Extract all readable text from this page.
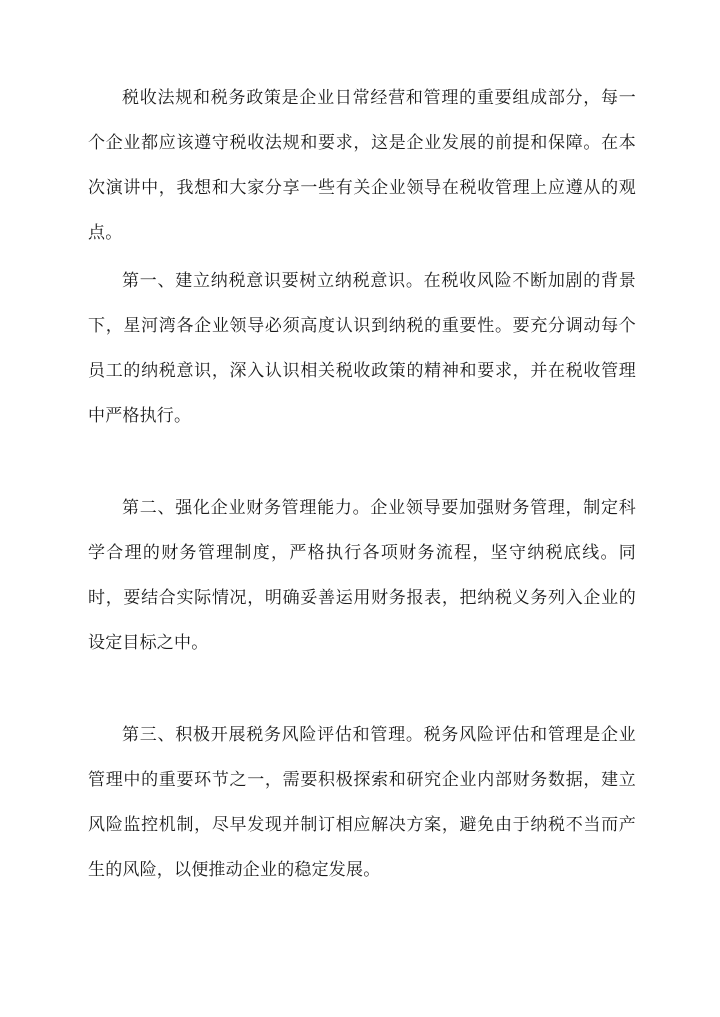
税收法规和税务政策是企业日常经营和管理的重要组成部分，每一个企业都应该遵守税收法规和要求，这是企业发展的前提和保障。在本次演讲中，我想和大家分享一些有关企业领导在税收管理上应遵从的观点。

第一、建立纳税意识要树立纳税意识。在税收风险不断加剧的背景下，星河湾各企业领导必须高度认识到纳税的重要性。要充分调动每个员工的纳税意识，深入认识相关税收政策的精神和要求，并在税收管理中严格执行。

第二、强化企业财务管理能力。企业领导要加强财务管理，制定科学合理的财务管理制度，严格执行各项财务流程，坚守纳税底线。同时，要结合实际情况，明确妥善运用财务报表，把纳税义务列入企业的设定目标之中。

第三、积极开展税务风险评估和管理。税务风险评估和管理是企业管理中的重要环节之一，需要积极探索和研究企业内部财务数据，建立风险监控机制，尽早发现并制订相应解决方案，避免由于纳税不当而产生的风险，以便推动企业的稳定发展。
